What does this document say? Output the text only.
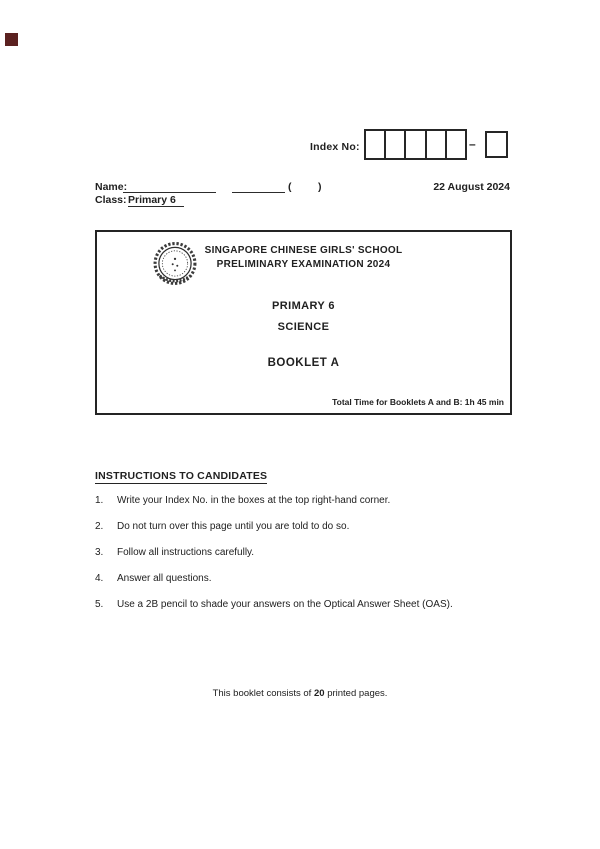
Index No:	–
Name:	(	)	22 August 2024
Class: Primary 6
SINGAPORE CHINESE GIRLS' SCHOOL
PRELIMINARY EXAMINATION 2024
PRIMARY 6
SCIENCE
BOOKLET A
Total Time for Booklets A and B: 1h 45 min
INSTRUCTIONS TO CANDIDATES
1.	Write your Index No. in the boxes at the top right-hand corner.
2.	Do not turn over this page until you are told to do so.
3.	Follow all instructions carefully.
4.	Answer all questions.
5.	Use a 2B pencil to shade your answers on the Optical Answer Sheet (OAS).
This booklet consists of 20 printed pages.
